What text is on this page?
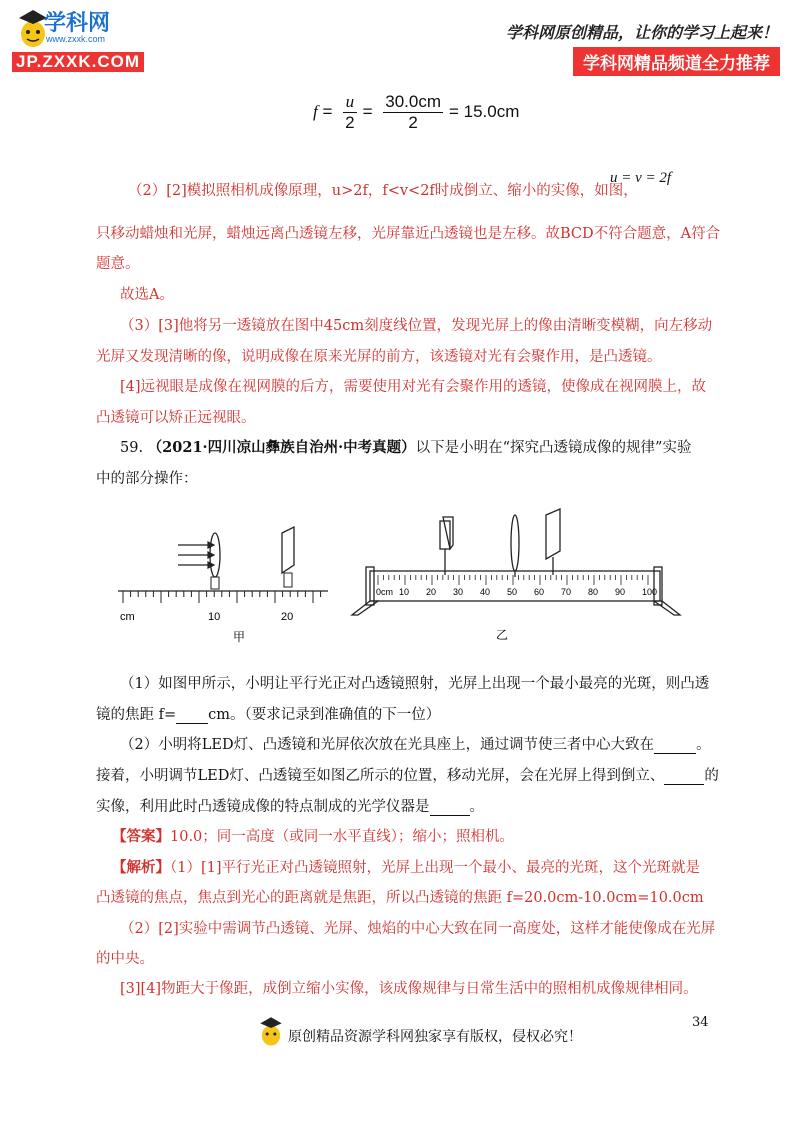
学科网
www.zxxk.com
JP.ZXXK.COM
学科网原创精品，让你的学习上起来！
学科网精品频道全力推荐
$f = \frac{u}{2} = \frac{30.0cm}{2} = 15.0cm$
（2）[2]模拟照相机成像原理，u>2f，f<v<2f时成倒立、缩小的实像，如图，
u = v = 2f
只移动蜡烛和光屏，蜡烛远离凸透镜左移，光屏靠近凸透镜也是左移。故BCD不符合题意，A符合
题意。
故选A。
（3）[3]他将另一透镜放在图中45cm刻度线位置，发现光屏上的像由清晰变模糊，向左移动
光屏又发现清晰的像，说明成像在原来光屏的前方，该透镜对光有会聚作用，是凸透镜。
[4]远视眼是成像在视网膜的后方，需要使用对光有会聚作用的透镜，使像成在视网膜上，故
凸透镜可以矫正远视眼。
59. （2021·四川凉山彝族自治州·中考真题）以下是小明在“探究凸透镜成像的规律”实验
中的部分操作：
cm	10	20
甲
0cm 10 20 30 40 50 60 70 80 90 100
乙
（1）如图甲所示，小明让平行光正对凸透镜照射，光屏上出现一个最小最亮的光斑，则凸透
镜的焦距 f= cm。（要求记录到准确值的下一位）
（2）小明将LED灯、凸透镜和光屏依次放在光具座上，通过调节使三者中心大致在	。
接着，小明调节LED灯、凸透镜至如图乙所示的位置，移动光屏，会在光屏上得到倒立、	的
实像，利用此时凸透镜成像的特点制成的光学仪器是	。
【答案】10.0；同一高度（或同一水平直线）；缩小；照相机。
【解析】（1）[1]平行光正对凸透镜照射，光屏上出现一个最小、最亮的光斑，这个光斑就是
凸透镜的焦点，焦点到光心的距离就是焦距，所以凸透镜的焦距 f=20.0cm-10.0cm=10.0cm
（2）[2]实验中需调节凸透镜、光屏、烛焰的中心大致在同一高度处，这样才能使像成在光屏
的中央。
[3][4]物距大于像距，成倒立缩小实像，该成像规律与日常生活中的照相机成像规律相同。
34
原创精品资源学科网独家享有版权，侵权必究！
